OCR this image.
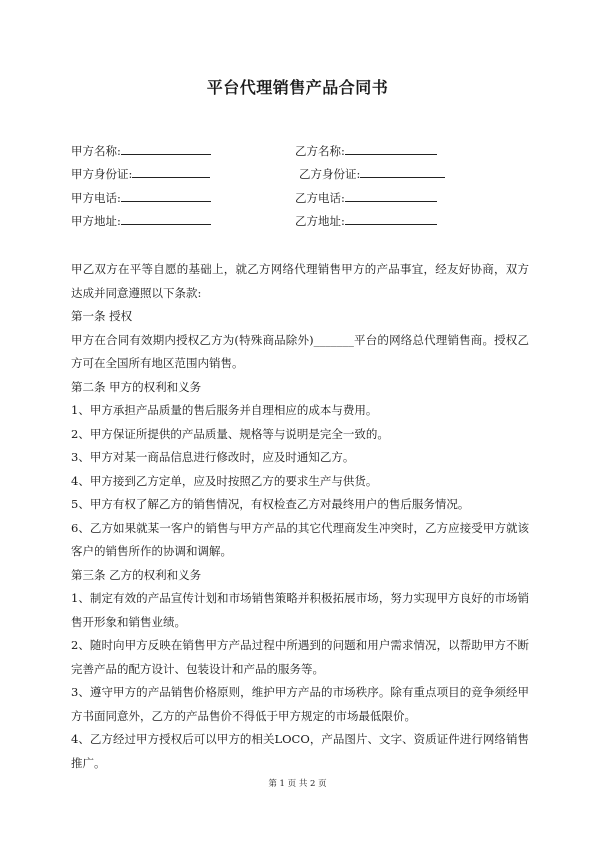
平台代理销售产品合同书
甲方名称:	乙方名称:
甲方身份证:	乙方身份证:
甲方电话:	乙方电话:
甲方地址:	乙方地址:

甲乙双方在平等自愿的基础上，就乙方网络代理销售甲方的产品事宜，经友好协商，双方达成并同意遵照以下条款:

第一条 授权

甲方在合同有效期内授权乙方为(特殊商品除外)_______平台的网络总代理销售商。授权乙方可在全国所有地区范围内销售。

第二条 甲方的权利和义务

1、甲方承担产品质量的售后服务并自理相应的成本与费用。

2、甲方保证所提供的产品质量、规格等与说明是完全一致的。

3、甲方对某一商品信息进行修改时，应及时通知乙方。

4、甲方接到乙方定单，应及时按照乙方的要求生产与供货。

5、甲方有权了解乙方的销售情况，有权检查乙方对最终用户的售后服务情况。

6、乙方如果就某一客户的销售与甲方产品的其它代理商发生冲突时，乙方应接受甲方就该客户的销售所作的协调和调解。

第三条 乙方的权利和义务

1、制定有效的产品宣传计划和市场销售策略并积极拓展市场，努力实现甲方良好的市场销售开形象和销售业绩。

2、随时向甲方反映在销售甲方产品过程中所遇到的问题和用户需求情况，以帮助甲方不断完善产品的配方设计、包装设计和产品的服务等。

3、遵守甲方的产品销售价格原则，维护甲方产品的市场秩序。除有重点项目的竞争须经甲方书面同意外，乙方的产品售价不得低于甲方规定的市场最低限价。

4、乙方经过甲方授权后可以甲方的相关LOCO，产品图片、文字、资质证件进行网络销售推广。

第 1 页 共 2 页
